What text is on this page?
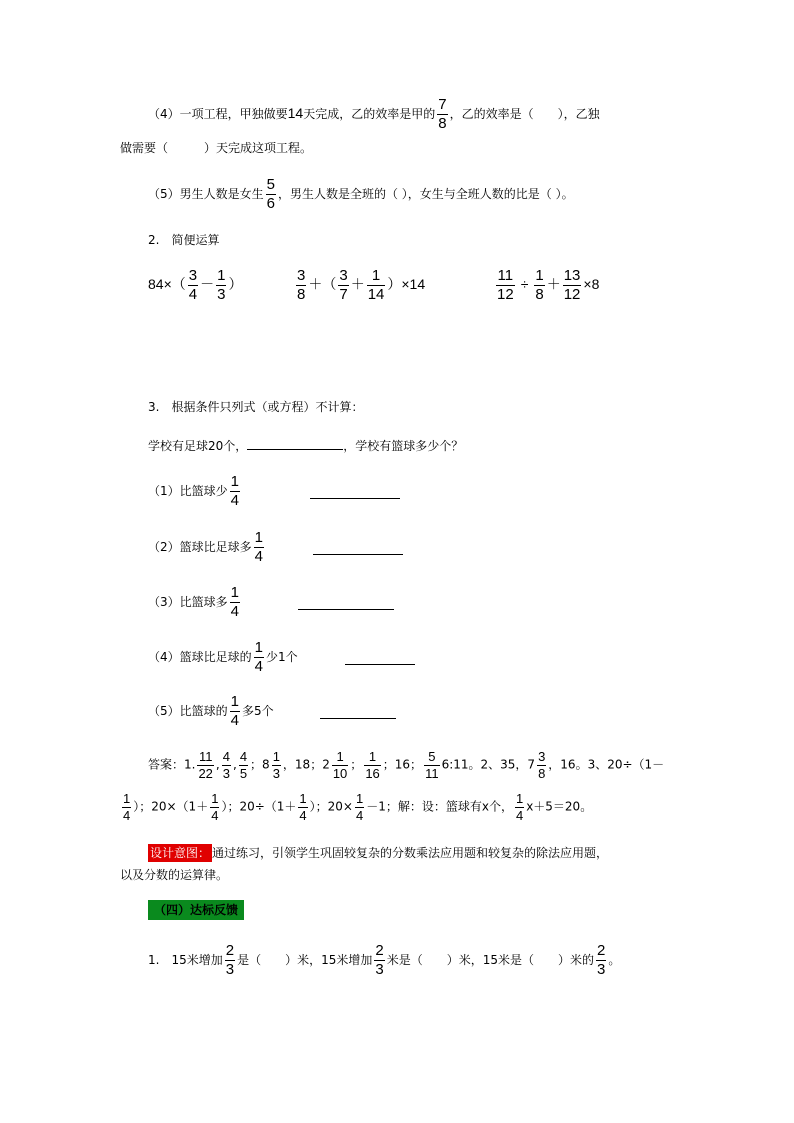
（4）一项工程，甲独做要14天完成，乙的效率是甲的 $\frac{7}{8}$ ，乙的效率是（　　），乙独
做需要（　　　）天完成这项工程。
（5）男生人数是女生 $\frac{5}{6}$ ，男生人数是全班的（ ），女生与全班人数的比是（ ）。
2.　简便运算
$84\times( \frac{3}{4} - \frac{1}{3}$ ）	$\frac{3}{8}$ ＋（ $\frac{3}{7} + \frac{1}{14} )\times 14$	$\frac{11}{12} \div \frac{1}{8} + \frac{13}{12} \times 8$
3.　根据条件只列式（或方程）不计算：
学校有足球20个，	，学校有篮球多少个？
（1）比篮球少 $\frac{1}{4}$
（2）篮球比足球多 $\frac{1}{4}$
（3）比篮球多 $\frac{1}{4}$
（4）篮球比足球的 $\frac{1}{4}$ 少1个
（5）比篮球的 $\frac{1}{4}$ 多5个
答案：1. $\frac{11}{22}$ , $\frac{4}{3}$ , $\frac{4}{5}$ ；$8 \frac{1}{3}$ ，18；$2 \frac{1}{10}$ ； $\frac{1}{16}$ ；16； $\frac{5}{11}$ 6:11。2、35，$7 \frac{3}{8}$ ，16。3、20÷（1－
$\frac{1}{4}$ ）；$20\times(1+ \frac{1}{4}$ ）；$20\div(1+ \frac{1}{4}$ ）；$20\times \frac{1}{4} -1$；解：设：篮球有x个， $\frac{1}{4} x+5=20$。
设计意图： 通过练习，引领学生巩固较复杂的分数乘法应用题和较复杂的除法应用题，
以及分数的运算律。
（四）达标反馈
1.　15米增加 $\frac{2}{3}$ 是（　　）米，15米增加 $\frac{2}{3}$ 米是（　　）米，15米是（　　）米的 $\frac{2}{3}$ 。
